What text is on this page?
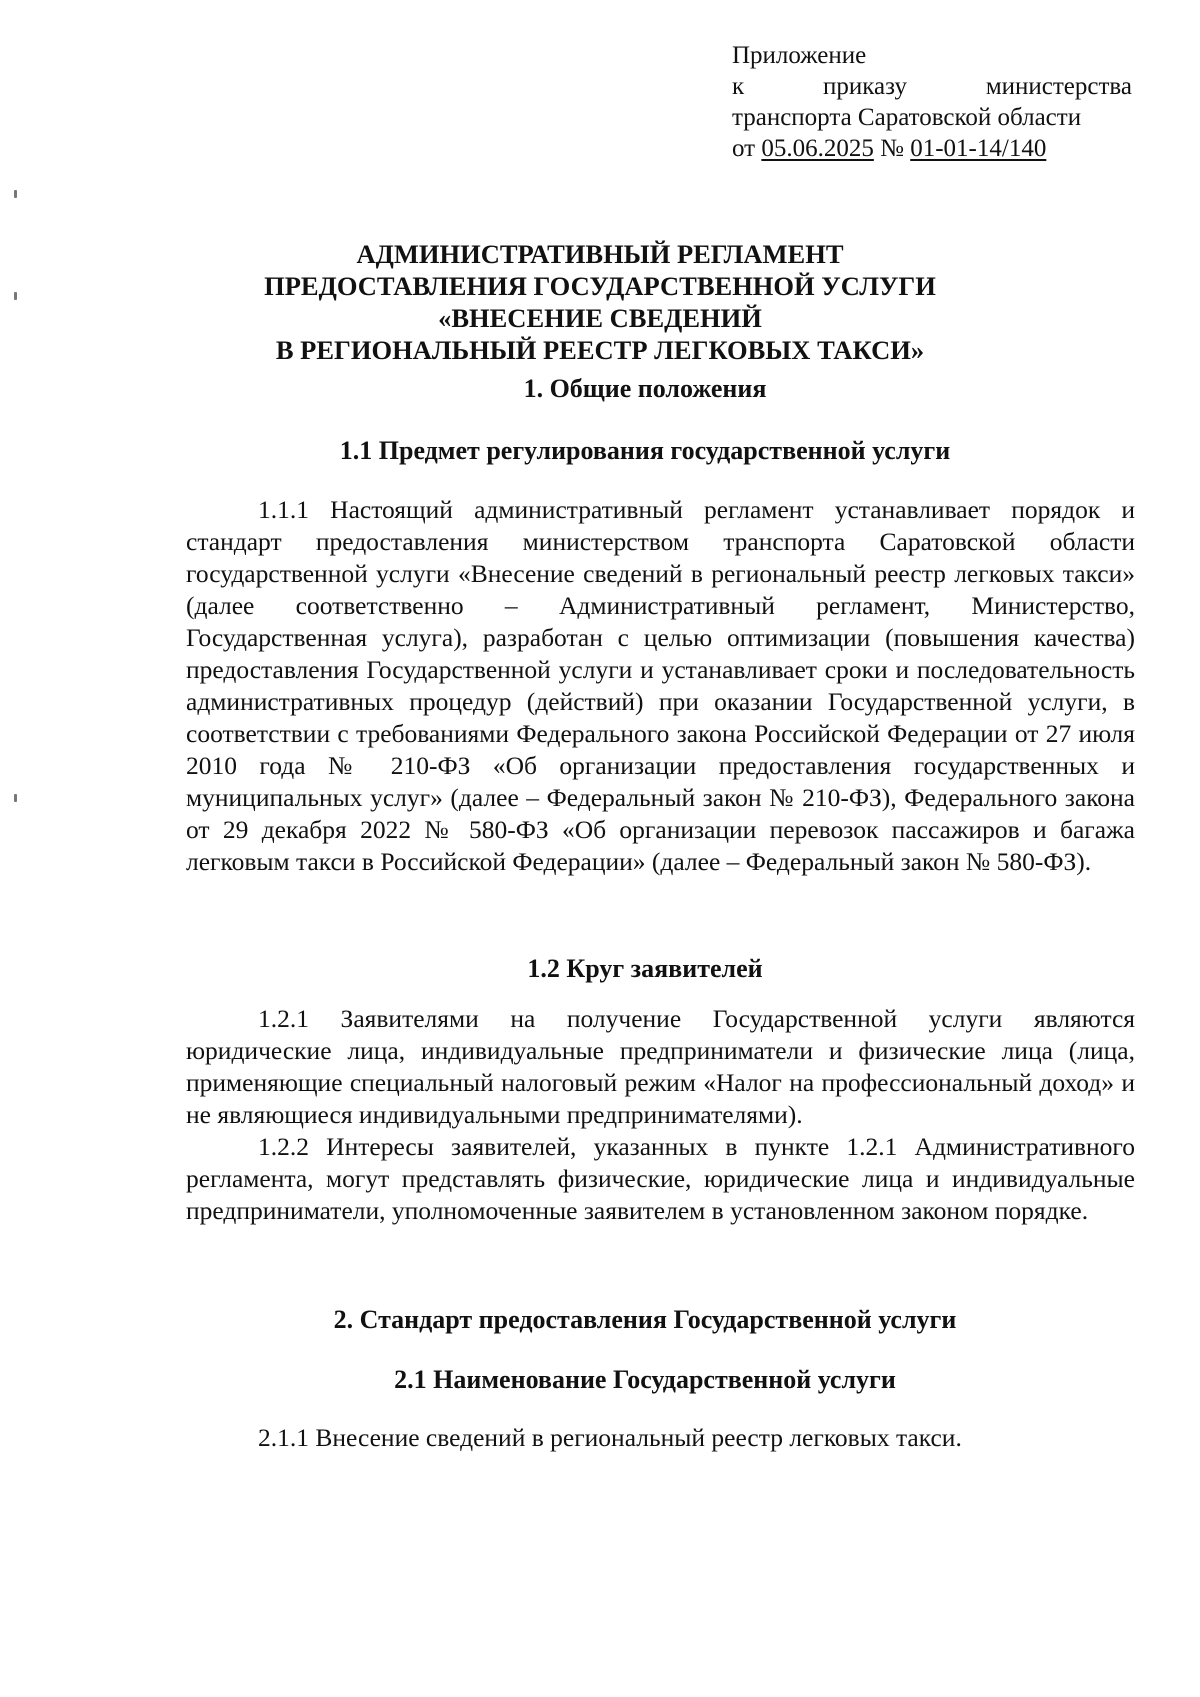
Приложение
к	приказу	министерства
транспорта Саратовской области
от 05.06.2025 № 01-01-14/140
АДМИНИСТРАТИВНЫЙ РЕГЛАМЕНТ
ПРЕДОСТАВЛЕНИЯ ГОСУДАРСТВЕННОЙ УСЛУГИ
«ВНЕСЕНИЕ СВЕДЕНИЙ
В РЕГИОНАЛЬНЫЙ РЕЕСТР ЛЕГКОВЫХ ТАКСИ»
1. Общие положения
1.1 Предмет регулирования государственной услуги

1.1.1 Настоящий административный регламент устанавливает порядок и стандарт предоставления министерством транспорта Саратовской области государственной услуги «Внесение сведений в региональный реестр легковых такси» (далее соответственно – Административный регламент, Министерство, Государственная услуга), разработан с целью оптимизации (повышения качества) предоставления Государственной услуги и устанавливает сроки и последовательность административных процедур (действий) при оказании Государственной услуги, в соответствии с требованиями Федерального закона Российской Федерации от 27 июля 2010 года № 210-ФЗ «Об организации предоставления государственных и муниципальных услуг» (далее – Федеральный закон № 210-ФЗ), Федерального закона от 29 декабря 2022 № 580-ФЗ «Об организации перевозок пассажиров и багажа легковым такси в Российской Федерации» (далее – Федеральный закон № 580-ФЗ).

1.2 Круг заявителей

1.2.1 Заявителями на получение Государственной услуги являются юридические лица, индивидуальные предприниматели и физические лица (лица, применяющие специальный налоговый режим «Налог на профессиональный доход» и не являющиеся индивидуальными предпринимателями).

1.2.2 Интересы заявителей, указанных в пункте 1.2.1 Административного регламента, могут представлять физические, юридические лица и индивидуальные предприниматели, уполномоченные заявителем в установленном законом порядке.

2. Стандарт предоставления Государственной услуги
2.1 Наименование Государственной услуги

2.1.1 Внесение сведений в региональный реестр легковых такси.
